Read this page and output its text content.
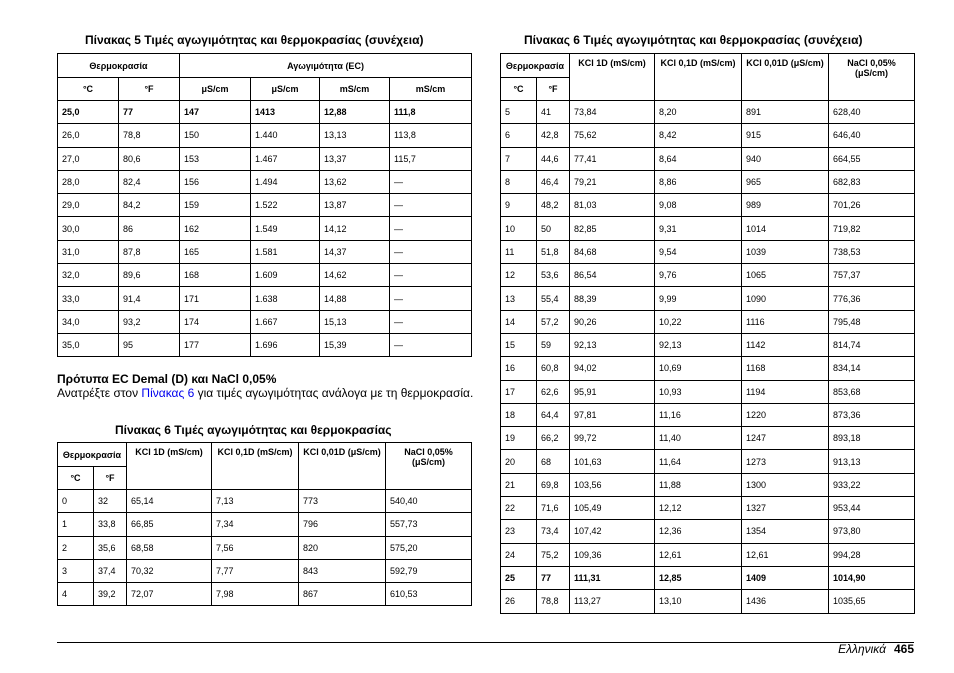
Πίνακας 5 Τιμές αγωγιμότητας και θερμοκρασίας (συνέχεια)
Θερμοκρασία		Αγωγιμότητα (EC)			
°C	°F	μS/cm	μS/cm	mS/cm	mS/cm
25,0	77	147	1413	12,88	111,8
26,0	78,8	150	1.440	13,13	113,8
27,0	80,6	153	1.467	13,37	115,7
28,0	82,4	156	1.494	13,62	—
29,0	84,2	159	1.522	13,87	—
30,0	86	162	1.549	14,12	—
31,0	87,8	165	1.581	14,37	—
32,0	89,6	168	1.609	14,62	—
33,0	91,4	171	1.638	14,88	—
34,0	93,2	174	1.667	15,13	—
35,0	95	177	1.696	15,39	—
Πρότυπα EC Demal (D) και NaCl 0,05%
Ανατρέξτε στον Πίνακας 6 για τιμές αγωγιμότητας ανάλογα με τη θερμοκρασία.
Πίνακας 6 Τιμές αγωγιμότητας και θερμοκρασίας
Θερμοκρασία		KCl 1D (mS/cm)	KCl 0,1D (mS/cm)	KCl 0,01D (μS/cm)	NaCl 0,05% (μS/cm)
°C	°F				
0	32	65,14	7,13	773	540,40
1	33,8	66,85	7,34	796	557,73
2	35,6	68,58	7,56	820	575,20
3	37,4	70,32	7,77	843	592,79
4	39,2	72,07	7,98	867	610,53
Πίνακας 6 Τιμές αγωγιμότητας και θερμοκρασίας (συνέχεια)
Θερμοκρασία		KCl 1D (mS/cm)	KCl 0,1D (mS/cm)	KCl 0,01D (μS/cm)	NaCl 0,05% (μS/cm)
°C	°F				
5	41	73,84	8,20	891	628,40
6	42,8	75,62	8,42	915	646,40
7	44,6	77,41	8,64	940	664,55
8	46,4	79,21	8,86	965	682,83
9	48,2	81,03	9,08	989	701,26
10	50	82,85	9,31	1014	719,82
11	51,8	84,68	9,54	1039	738,53
12	53,6	86,54	9,76	1065	757,37
13	55,4	88,39	9,99	1090	776,36
14	57,2	90,26	10,22	1116	795,48
15	59	92,13	92,13	1142	814,74
16	60,8	94,02	10,69	1168	834,14
17	62,6	95,91	10,93	1194	853,68
18	64,4	97,81	11,16	1220	873,36
19	66,2	99,72	11,40	1247	893,18
20	68	101,63	11,64	1273	913,13
21	69,8	103,56	11,88	1300	933,22
22	71,6	105,49	12,12	1327	953,44
23	73,4	107,42	12,36	1354	973,80
24	75,2	109,36	12,61	12,61	994,28
25	77	111,31	12,85	1409	1014,90
26	78,8	113,27	13,10	1436	1035,65
Ελληνικά 465
